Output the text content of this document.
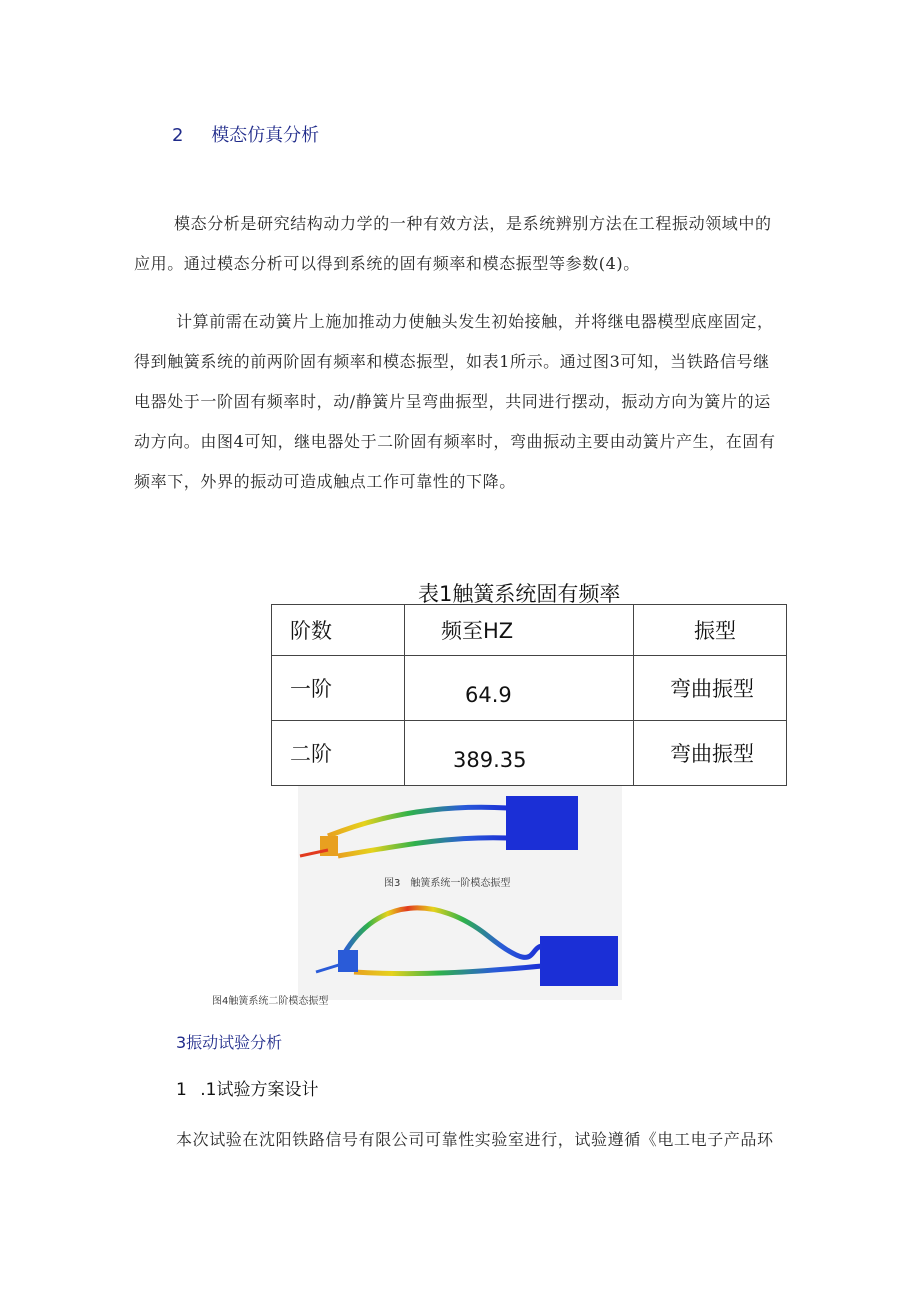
2 模态仿真分析

模态分析是研究结构动力学的一种有效方法，是系统辨别方法在工程振动领域中的

应用。通过模态分析可以得到系统的固有频率和模态振型等参数(4)。

计算前需在动簧片上施加推动力使触头发生初始接触，并将继电器模型底座固定，

得到触簧系统的前两阶固有频率和模态振型，如表1所示。通过图3可知，当铁路信号继

电器处于一阶固有频率时，动/静簧片呈弯曲振型，共同进行摆动，振动方向为簧片的运

动方向。由图4可知，继电器处于二阶固有频率时，弯曲振动主要由动簧片产生，在固有

频率下，外界的振动可造成触点工作可靠性的下降。

表1触簧系统固有频率
阶数	频至HZ	振型
一阶	64.9	弯曲振型
二阶	389.35	弯曲振型
图3　触簧系统一阶模态振型
图4触簧系统二阶模态振型
3振动试验分析
1 .1试验方案设计

本次试验在沈阳铁路信号有限公司可靠性实验室进行，试验遵循《电工电子产品环
